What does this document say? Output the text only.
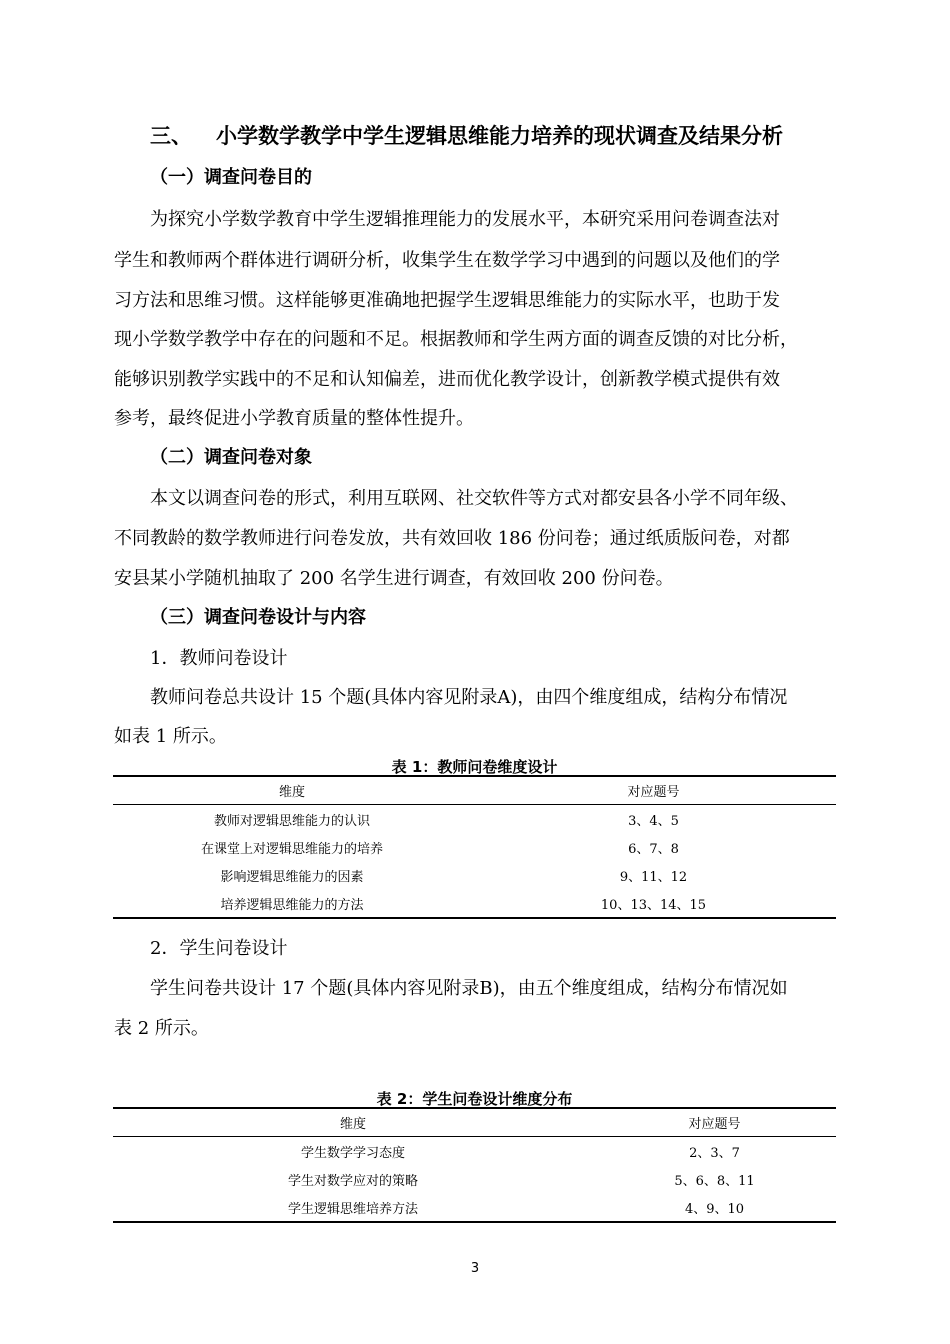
三、 小学数学教学中学生逻辑思维能力培养的现状调查及结果分析
（一）调查问卷目的
为探究小学数学教育中学生逻辑推理能力的发展水平，本研究采用问卷调查法对
学生和教师两个群体进行调研分析，收集学生在数学学习中遇到的问题以及他们的学
习方法和思维习惯。这样能够更准确地把握学生逻辑思维能力的实际水平，也助于发
现小学数学教学中存在的问题和不足。根据教师和学生两方面的调查反馈的对比分析，
能够识别教学实践中的不足和认知偏差，进而优化教学设计，创新教学模式提供有效
参考，最终促进小学教育质量的整体性提升。
（二）调查问卷对象
本文以调查问卷的形式，利用互联网、社交软件等方式对都安县各小学不同年级、
不同教龄的数学教师进行问卷发放，共有效回收 186 份问卷；通过纸质版问卷，对都
安县某小学随机抽取了 200 名学生进行调查，有效回收 200 份问卷。
（三）调查问卷设计与内容
1．教师问卷设计
教师问卷总共设计 15 个题(具体内容见附录A)，由四个维度组成，结构分布情况
如表 1 所示。
表 1：教师问卷维度设计
维度	对应题号
教师对逻辑思维能力的认识	3、4、5
在课堂上对逻辑思维能力的培养	6、7、8
影响逻辑思维能力的因素	9、11、12
培养逻辑思维能力的方法	10、13、14、15
2．学生问卷设计
学生问卷共设计 17 个题(具体内容见附录B)，由五个维度组成，结构分布情况如
表 2 所示。
表 2：学生问卷设计维度分布
维度	对应题号
学生数学学习态度	2、3、7
学生对数学应对的策略	5、6、8、11
学生逻辑思维培养方法	4、9、10
3
